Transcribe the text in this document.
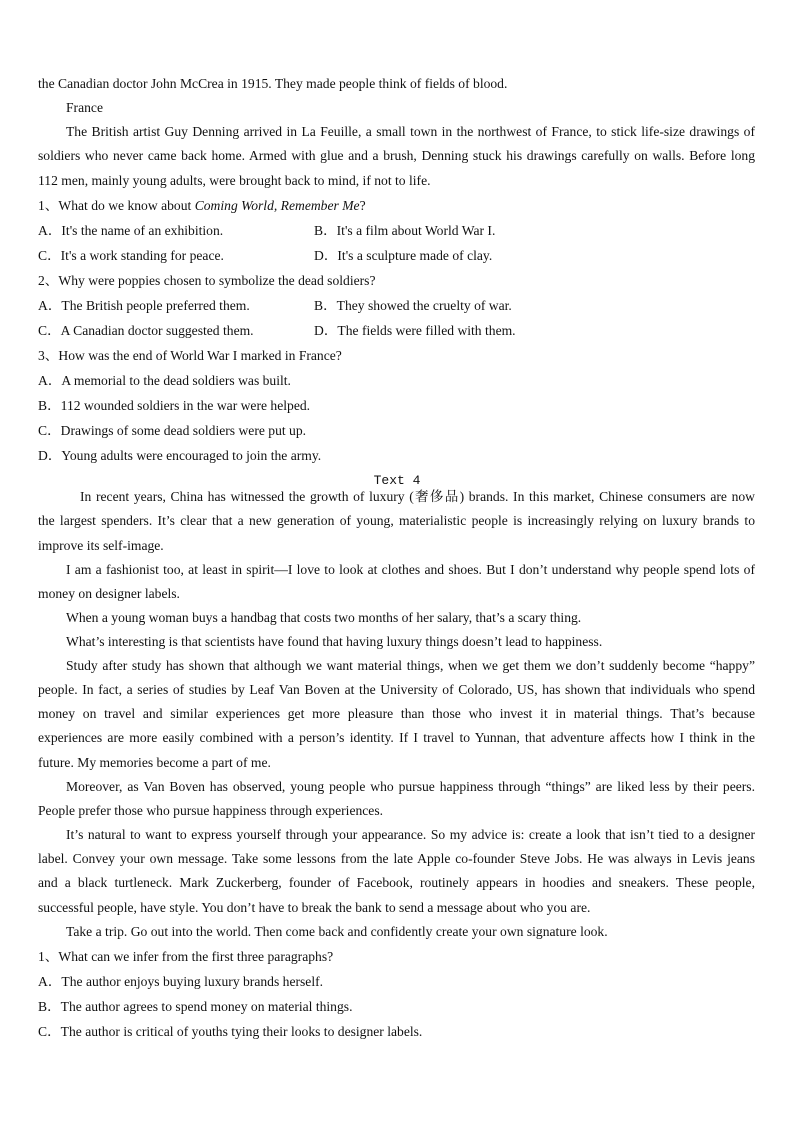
the Canadian doctor John McCrea in 1915. They made people think of fields of blood.
France
The British artist Guy Denning arrived in La Feuille, a small town in the northwest of France, to stick life-size drawings of
soldiers who never came back home. Armed with glue and a brush, Denning stuck his drawings carefully on walls. Before long
112 men, mainly young adults, were brought back to mind, if not to life.
1、What do we know about Coming World, Remember Me?
A．It's the name of an exhibition.	B．It's a film about World War I.
C．It's a work standing for peace.	D．It's a sculpture made of clay.
2、Why were poppies chosen to symbolize the dead soldiers?
A．The British people preferred them.	B．They showed the cruelty of war.
C．A Canadian doctor suggested them.	D．The fields were filled with them.
3、How was the end of World War I marked in France?
A．A memorial to the dead soldiers was built.
B．112 wounded soldiers in the war were helped.
C．Drawings of some dead soldiers were put up.
D．Young adults were encouraged to join the army.
Text 4
In recent years, China has witnessed the growth of luxury (奢侈品) brands. In this market, Chinese consumers are now
the largest spenders. It’s clear that a new generation of young, materialistic people is increasingly relying on luxury brands to
improve its self-image.
I am a fashionist too, at least in spirit—I love to look at clothes and shoes. But I don’t understand why people spend lots of
money on designer labels.
When a young woman buys a handbag that costs two months of her salary, that’s a scary thing.
What’s interesting is that scientists have found that having luxury things doesn’t lead to happiness.
Study after study has shown that although we want material things, when we get them we don’t suddenly become “happy”
people. In fact, a series of studies by Leaf Van Boven at the University of Colorado, US, has shown that individuals who spend
money on travel and similar experiences get more pleasure than those who invest it in material things. That’s because
experiences are more easily combined with a person’s identity. If I travel to Yunnan, that adventure affects how I think in the
future. My memories become a part of me.
Moreover, as Van Boven has observed, young people who pursue happiness through “things” are liked less by their peers.
People prefer those who pursue happiness through experiences.
It’s natural to want to express yourself through your appearance. So my advice is: create a look that isn’t tied to a designer
label. Convey your own message. Take some lessons from the late Apple co-founder Steve Jobs. He was always in Levis jeans
and a black turtleneck. Mark Zuckerberg, founder of Facebook, routinely appears in hoodies and sneakers. These people,
successful people, have style. You don’t have to break the bank to send a message about who you are.
Take a trip. Go out into the world. Then come back and confidently create your own signature look.
1、What can we infer from the first three paragraphs?
A．The author enjoys buying luxury brands herself.
B．The author agrees to spend money on material things.
C．The author is critical of youths tying their looks to designer labels.
